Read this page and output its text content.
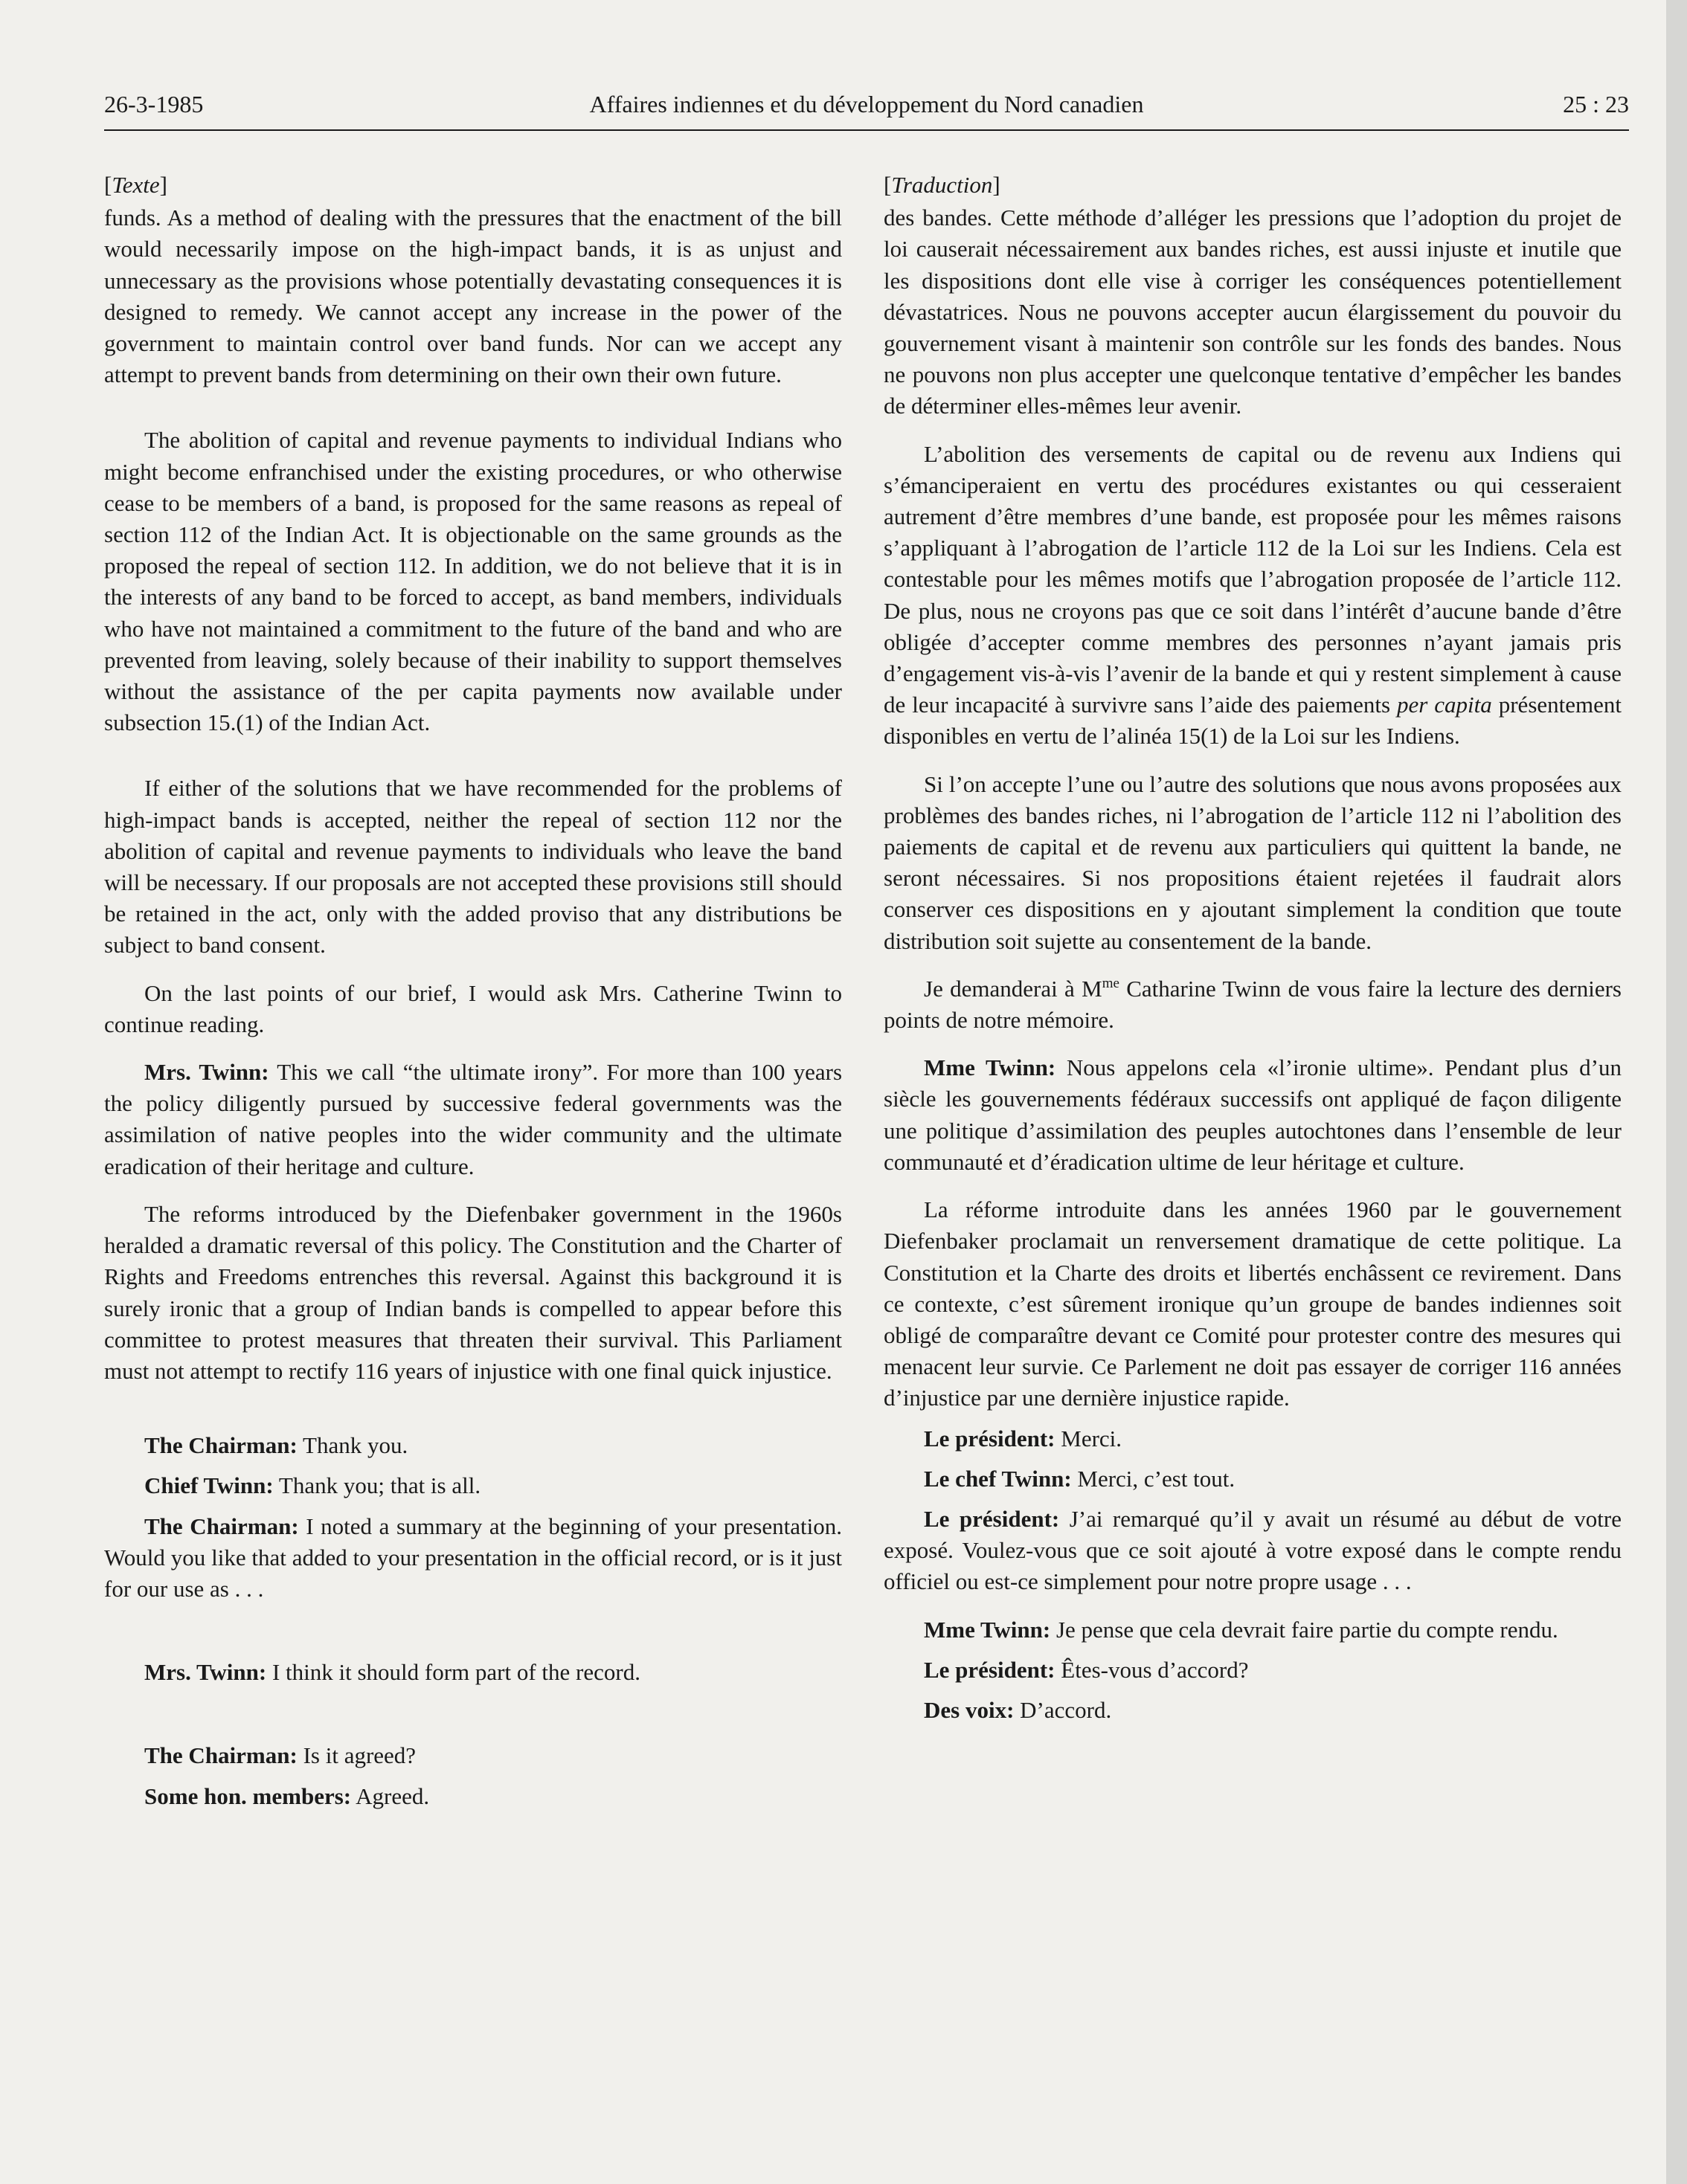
26-3-1985	Affaires indiennes et du développement du Nord canadien	25 : 23
[Texte]

funds. As a method of dealing with the pressures that the enactment of the bill would necessarily impose on the high-impact bands, it is as unjust and unnecessary as the provisions whose potentially devastating consequences it is designed to remedy. We cannot accept any increase in the power of the government to maintain control over band funds. Nor can we accept any attempt to prevent bands from determining on their own their own future.

The abolition of capital and revenue payments to individual Indians who might become enfranchised under the existing procedures, or who otherwise cease to be members of a band, is proposed for the same reasons as repeal of section 112 of the Indian Act. It is objectionable on the same grounds as the proposed the repeal of section 112. In addition, we do not believe that it is in the interests of any band to be forced to accept, as band members, individuals who have not maintained a commitment to the future of the band and who are prevented from leaving, solely because of their inability to support themselves without the assistance of the per capita payments now available under subsection 15.(1) of the Indian Act.

If either of the solutions that we have recommended for the problems of high-impact bands is accepted, neither the repeal of section 112 nor the abolition of capital and revenue payments to individuals who leave the band will be necessary. If our proposals are not accepted these provisions still should be retained in the act, only with the added proviso that any distributions be subject to band consent.

On the last points of our brief, I would ask Mrs. Catherine Twinn to continue reading.

Mrs. Twinn: This we call “the ultimate irony”. For more than 100 years the policy diligently pursued by successive federal governments was the assimilation of native peoples into the wider community and the ultimate eradication of their heritage and culture.

The reforms introduced by the Diefenbaker government in the 1960s heralded a dramatic reversal of this policy. The Constitution and the Charter of Rights and Freedoms entrenches this reversal. Against this background it is surely ironic that a group of Indian bands is compelled to appear before this committee to protest measures that threaten their survival. This Parliament must not attempt to rectify 116 years of injustice with one final quick injustice.

The Chairman: Thank you.

Chief Twinn: Thank you; that is all.

The Chairman: I noted a summary at the beginning of your presentation. Would you like that added to your presentation in the official record, or is it just for our use as . . .

Mrs. Twinn: I think it should form part of the record.

The Chairman: Is it agreed?

Some hon. members: Agreed.

[Traduction]

des bandes. Cette méthode d’alléger les pressions que l’adoption du projet de loi causerait nécessairement aux bandes riches, est aussi injuste et inutile que les dispositions dont elle vise à corriger les conséquences potentiellement dévastatrices. Nous ne pouvons accepter aucun élargissement du pouvoir du gouvernement visant à maintenir son contrôle sur les fonds des bandes. Nous ne pouvons non plus accepter une quelconque tentative d’empêcher les bandes de déterminer elles-mêmes leur avenir.

L’abolition des versements de capital ou de revenu aux Indiens qui s’émanciperaient en vertu des procédures existantes ou qui cesseraient autrement d’être membres d’une bande, est proposée pour les mêmes raisons s’appliquant à l’abrogation de l’article 112 de la Loi sur les Indiens. Cela est contestable pour les mêmes motifs que l’abrogation proposée de l’article 112. De plus, nous ne croyons pas que ce soit dans l’intérêt d’aucune bande d’être obligée d’accepter comme membres des personnes n’ayant jamais pris d’engagement vis-à-vis l’avenir de la bande et qui y restent simplement à cause de leur incapacité à survivre sans l’aide des paiements per capita présentement disponibles en vertu de l’alinéa 15(1) de la Loi sur les Indiens.

Si l’on accepte l’une ou l’autre des solutions que nous avons proposées aux problèmes des bandes riches, ni l’abrogation de l’article 112 ni l’abolition des paiements de capital et de revenu aux particuliers qui quittent la bande, ne seront nécessaires. Si nos propositions étaient rejetées il faudrait alors conserver ces dispositions en y ajoutant simplement la condition que toute distribution soit sujette au consentement de la bande.

Je demanderai à $M^{me}$ Catharine Twinn de vous faire la lecture des derniers points de notre mémoire.

Mme Twinn: Nous appelons cela «l’ironie ultime». Pendant plus d’un siècle les gouvernements fédéraux successifs ont appliqué de façon diligente une politique d’assimilation des peuples autochtones dans l’ensemble de leur communauté et d’éradication ultime de leur héritage et culture.

La réforme introduite dans les années 1960 par le gouvernement Diefenbaker proclamait un renversement dramatique de cette politique. La Constitution et la Charte des droits et libertés enchâssent ce revirement. Dans ce contexte, c’est sûrement ironique qu’un groupe de bandes indiennes soit obligé de comparaître devant ce Comité pour protester contre des mesures qui menacent leur survie. Ce Parlement ne doit pas essayer de corriger 116 années d’injustice par une dernière injustice rapide.

Le président: Merci.

Le chef Twinn: Merci, c’est tout.

Le président: J’ai remarqué qu’il y avait un résumé au début de votre exposé. Voulez-vous que ce soit ajouté à votre exposé dans le compte rendu officiel ou est-ce simplement pour notre propre usage . . .

Mme Twinn: Je pense que cela devrait faire partie du compte rendu.

Le président: Êtes-vous d’accord?

Des voix: D’accord.
